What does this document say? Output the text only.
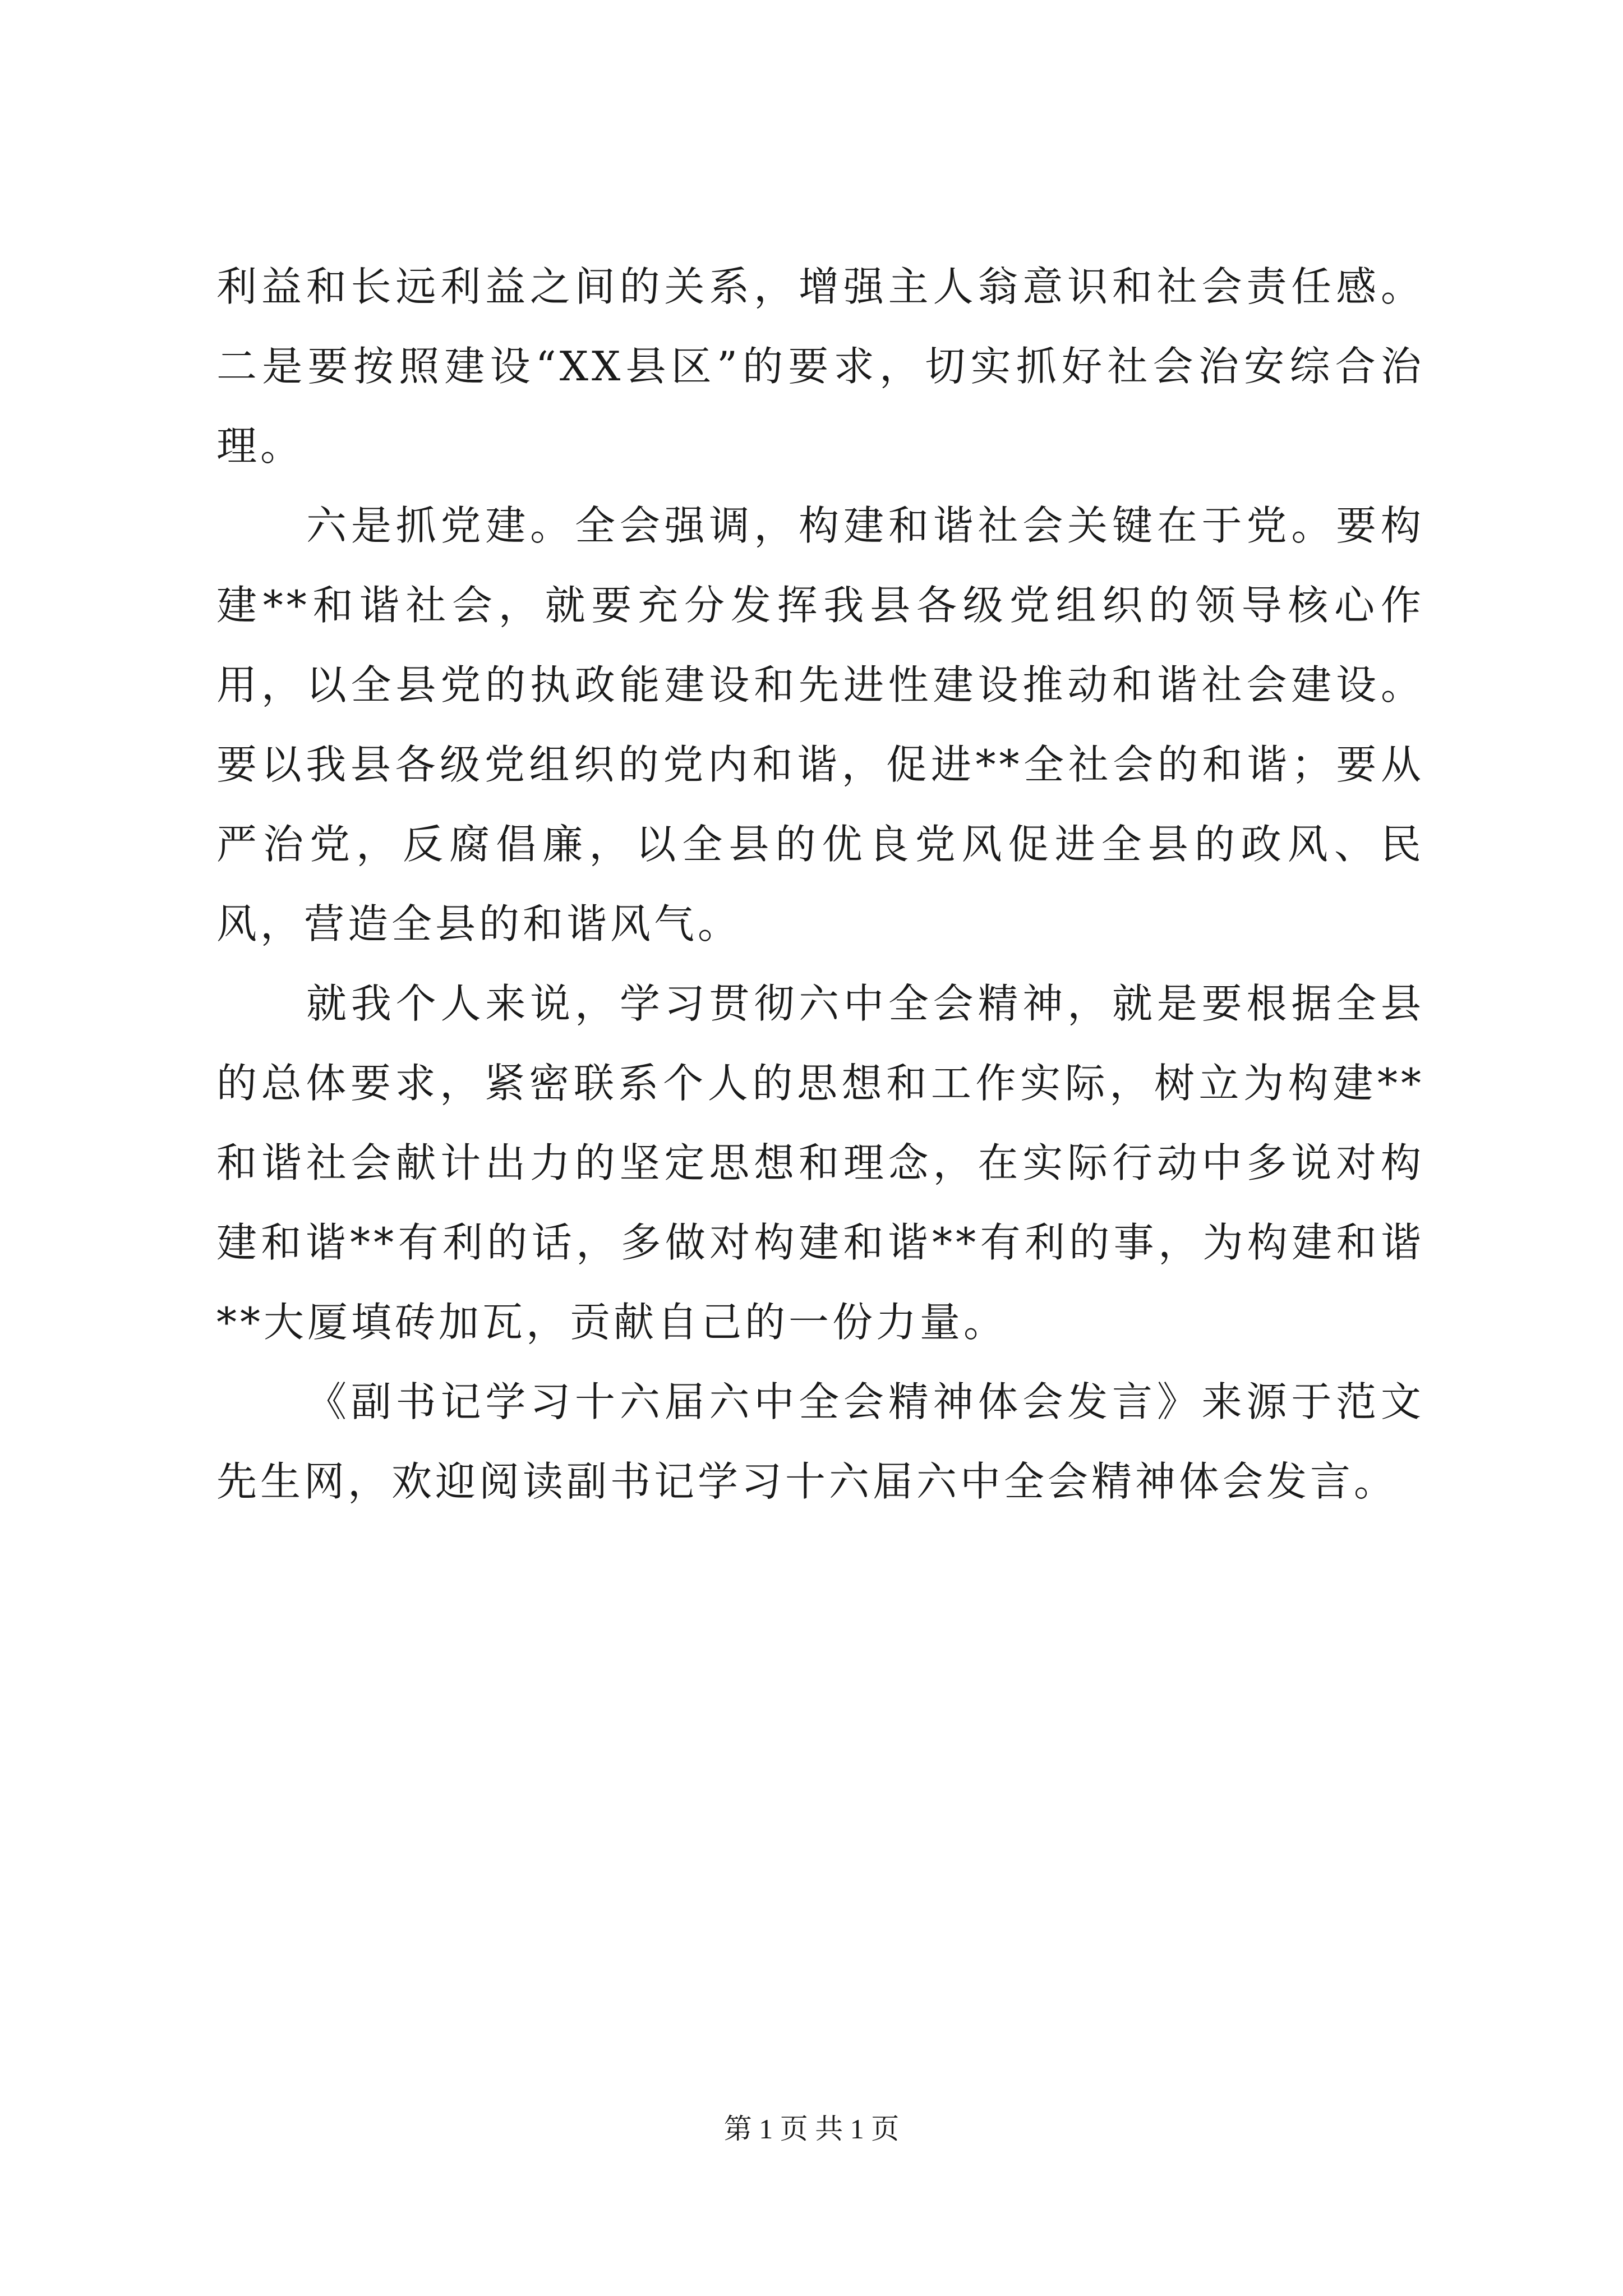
利益和长远利益之间的关系，增强主人翁意识和社会责任感。二是要按照建设“XX县区”的要求，切实抓好社会治安综合治理。

六是抓党建。全会强调，构建和谐社会关键在于党。要构建**和谐社会，就要充分发挥我县各级党组织的领导核心作用，以全县党的执政能建设和先进性建设推动和谐社会建设。要以我县各级党组织的党内和谐，促进**全社会的和谐；要从严治党，反腐倡廉，以全县的优良党风促进全县的政风、民风，营造全县的和谐风气。

就我个人来说，学习贯彻六中全会精神，就是要根据全县的总体要求，紧密联系个人的思想和工作实际，树立为构建**和谐社会献计出力的坚定思想和理念，在实际行动中多说对构建和谐**有利的话，多做对构建和谐**有利的事，为构建和谐**大厦填砖加瓦，贡献自己的一份力量。

《副书记学习十六届六中全会精神体会发言》来源于范文先生网，欢迎阅读副书记学习十六届六中全会精神体会发言。

第 1 页 共 1 页
